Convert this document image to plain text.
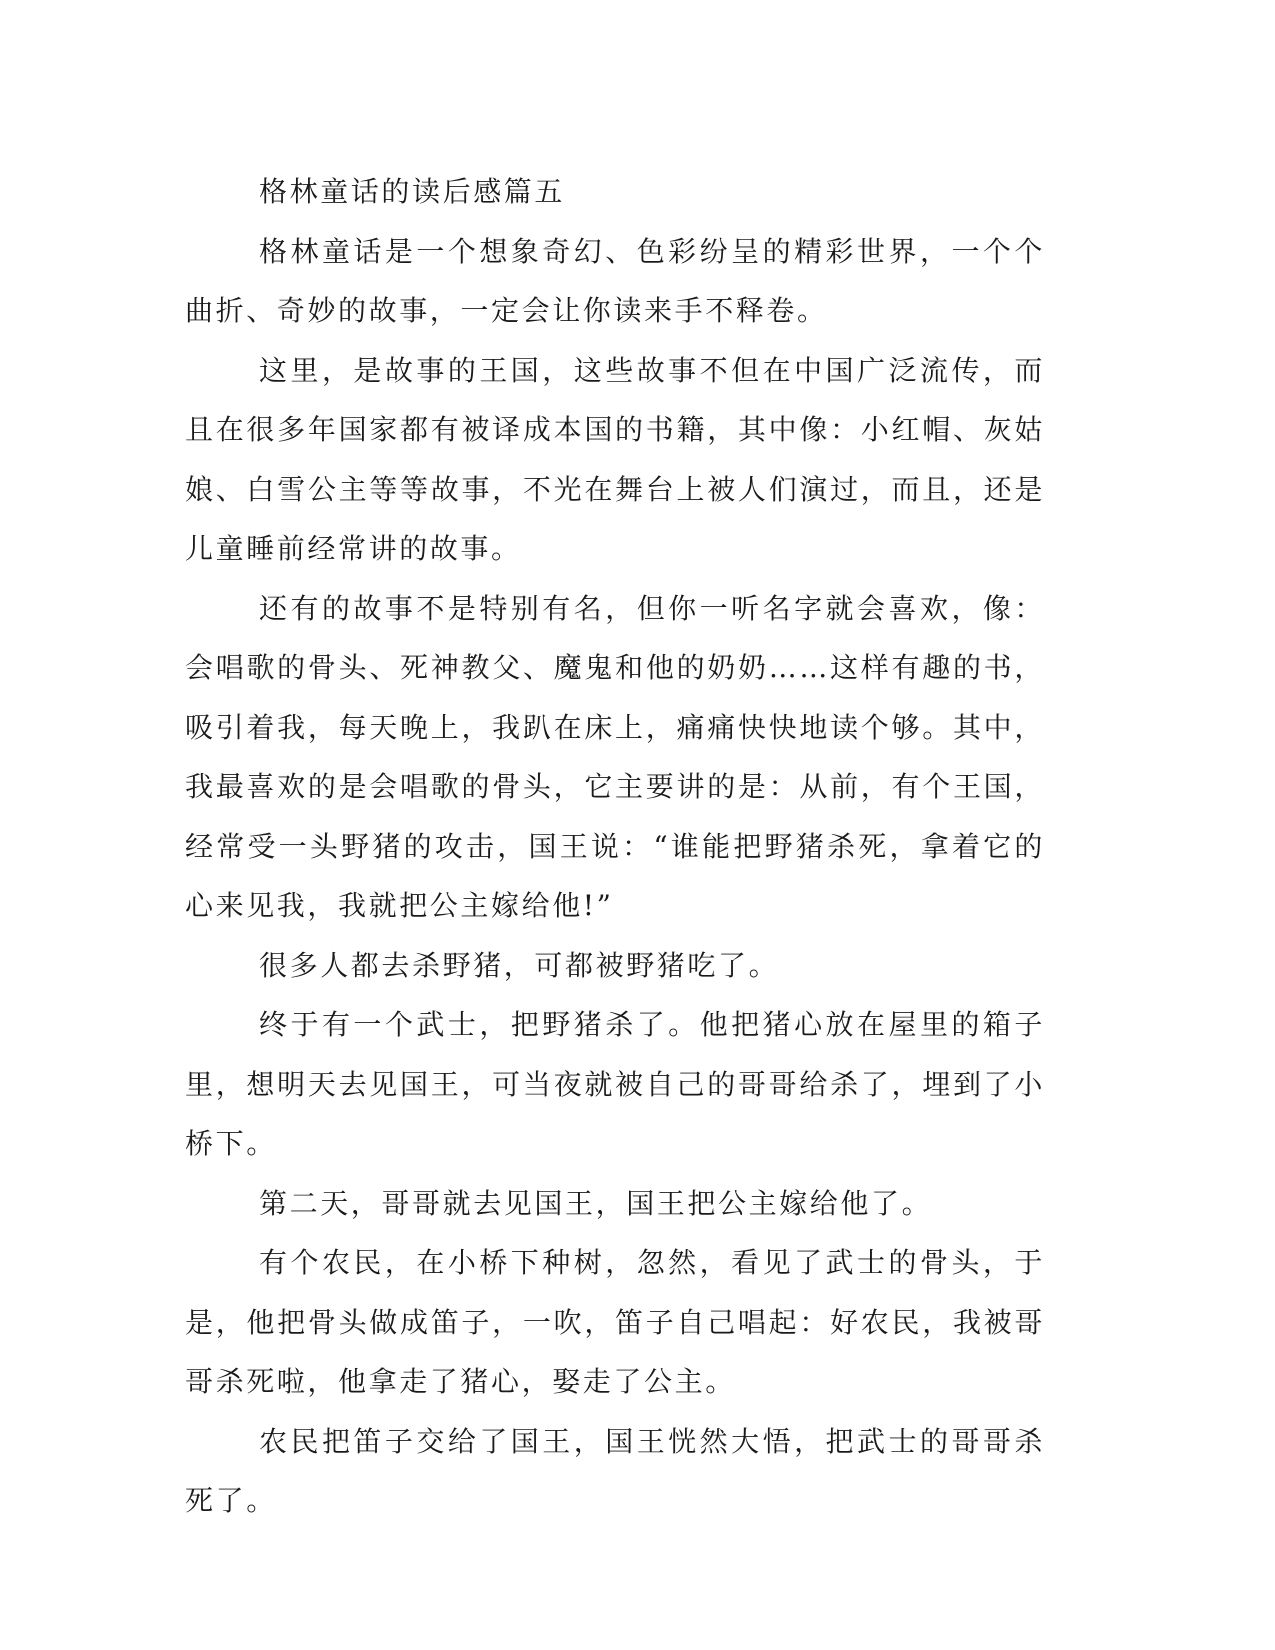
格林童话的读后感篇五

格林童话是一个想象奇幻、色彩纷呈的精彩世界，一个个曲折、奇妙的故事，一定会让你读来手不释卷。

这里，是故事的王国，这些故事不但在中国广泛流传，而且在很多年国家都有被译成本国的书籍，其中像：小红帽、灰姑娘、白雪公主等等故事，不光在舞台上被人们演过，而且，还是儿童睡前经常讲的故事。

还有的故事不是特别有名，但你一听名字就会喜欢，像：会唱歌的骨头、死神教父、魔鬼和他的奶奶……这样有趣的书，吸引着我，每天晚上，我趴在床上，痛痛快快地读个够。其中，我最喜欢的是会唱歌的骨头，它主要讲的是：从前，有个王国，经常受一头野猪的攻击，国王说：“谁能把野猪杀死，拿着它的心来见我，我就把公主嫁给他!”

很多人都去杀野猪，可都被野猪吃了。

终于有一个武士，把野猪杀了。他把猪心放在屋里的箱子里，想明天去见国王，可当夜就被自己的哥哥给杀了，埋到了小桥下。

第二天，哥哥就去见国王，国王把公主嫁给他了。

有个农民，在小桥下种树，忽然，看见了武士的骨头，于是，他把骨头做成笛子，一吹，笛子自己唱起：好农民，我被哥哥杀死啦，他拿走了猪心，娶走了公主。

农民把笛子交给了国王，国王恍然大悟，把武士的哥哥杀死了。
